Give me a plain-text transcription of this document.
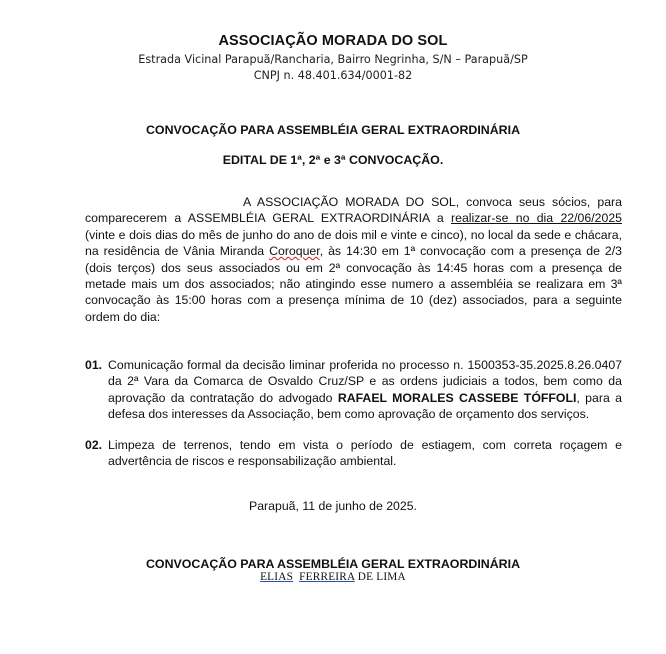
ASSOCIAÇÃO MORADA DO SOL
Estrada Vicinal Parapuã/Rancharia, Bairro Negrinha, S/N – Parapuã/SP
CNPJ n. 48.401.634/0001-82
CONVOCAÇÃO PARA ASSEMBLÉIA GERAL EXTRAORDINÁRIA
EDITAL DE 1ª, 2ª e 3ª CONVOCAÇÃO.
A ASSOCIAÇÃO MORADA DO SOL, convoca seus sócios, para
comparecerem a ASSEMBLÉIA GERAL EXTRAORDINÁRIA a realizar-se no dia 22/06/2025
(vinte e dois dias do mês de junho do ano de dois mil e vinte e cinco), no local da sede e chácara,
na residência de Vânia Miranda Coroquer, às 14:30 em 1ª convocação com a presença de 2/3
(dois terços) dos seus associados ou em 2ª convocação às 14:45 horas com a presença de
metade mais um dos associados; não atingindo esse numero a assembléia se realizara em 3ª
convocação às 15:00 horas com a presença mínima de 10 (dez) associados, para a seguinte
ordem do dia:
01. Comunicação formal da decisão liminar proferida no processo n. 1500353-35.2025.8.26.0407
da 2ª Vara da Comarca de Osvaldo Cruz/SP e as ordens judiciais a todos, bem como da
aprovação da contratação do advogado RAFAEL MORALES CASSEBE TÓFFOLI, para a
defesa dos interesses da Associação, bem como aprovação de orçamento dos serviços.
02. Limpeza de terrenos, tendo em vista o período de estiagem, com correta roçagem e
advertência de riscos e responsabilização ambiental.
Parapuã, 11 de junho de 2025.
CONVOCAÇÃO PARA ASSEMBLÉIA GERAL EXTRAORDINÁRIA
ELIAS FERREIRA DE LIMA
